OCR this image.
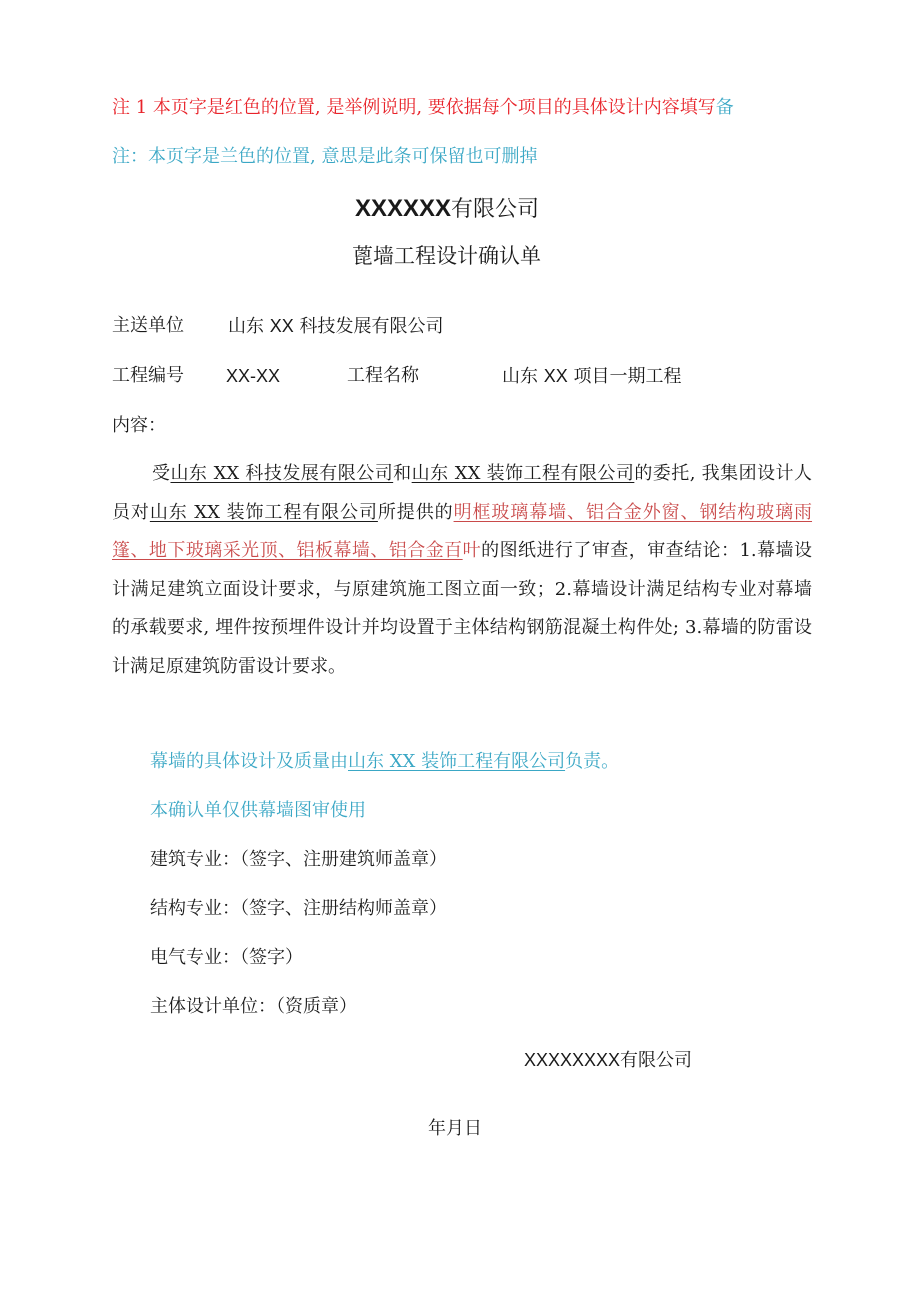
注 1 本页字是红色的位置, 是举例说明, 要依据每个项目的具体设计内容填写备
注：本页字是兰色的位置, 意思是此条可保留也可删掉
XXXXXX有限公司
蓖墙工程设计确认单
主送单位 山东 XX 科技发展有限公司
工程编号 XX-XX	工程名称	山东 XX 项目一期工程
内容：
受山东 XX 科技发展有限公司和山东 XX 装饰工程有限公司的委托, 我集团设计人员对山东 XX 装饰工程有限公司所提供的明框玻璃幕墙、铝合金外窗、钢结构玻璃雨篷、地下玻璃采光顶、铝板幕墙、铝合金百叶的图纸进行了审查，审查结论：1.幕墙设计满足建筑立面设计要求，与原建筑施工图立面一致；2.幕墙设计满足结构专业对幕墙的承载要求, 埋件按预埋件设计并均设置于主体结构钢筋混凝土构件处; 3.幕墙的防雷设计满足原建筑防雷设计要求。
幕墙的具体设计及质量由山东 XX 装饰工程有限公司负责。
本确认单仅供幕墙图审使用
建筑专业：（签字、注册建筑师盖章）
结构专业：（签字、注册结构师盖章）
电气专业：（签字）
主体设计单位：（资质章）
XXXXXXXX有限公司
年月日
